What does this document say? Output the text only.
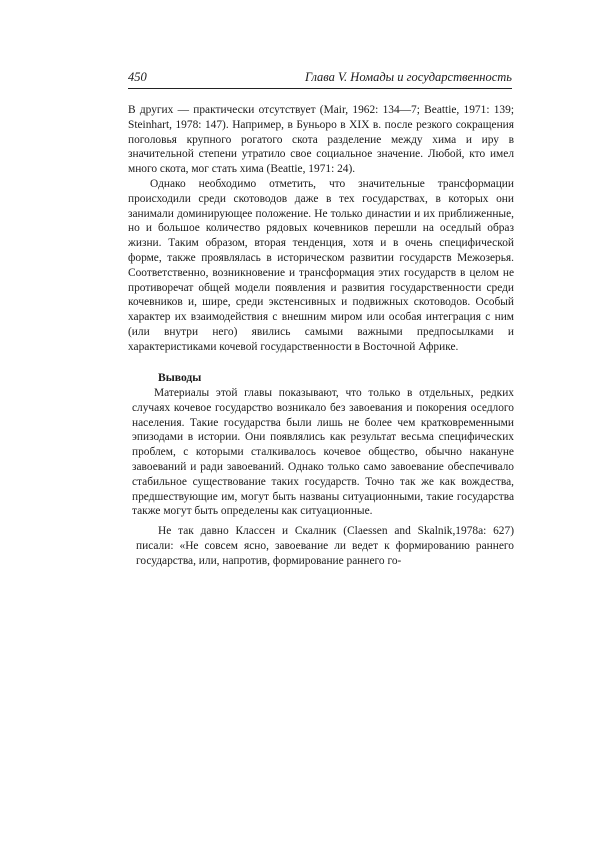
450	Глава V. Номады и государственность

В других — практически отсутствует (Mair, 1962: 134—7; Beattie, 1971: 139; Steinhart, 1978: 147). Например, в Буньоро в XIX в. после резкого сокращения поголовья крупного рогатого скота разделение между хима и иру в значительной степени утратило свое социальное значение. Любой, кто имел много скота, мог стать хима (Beattie, 1971: 24).

Однако необходимо отметить, что значительные трансформации происходили среди скотоводов даже в тех государствах, в которых они занимали доминирующее положение. Не только династии и их приближенные, но и большое количество рядовых кочевников перешли на оседлый образ жизни. Таким образом, вторая тенденция, хотя и в очень специфической форме, также проявлялась в историческом развитии государств Межозерья. Соответственно, возникновение и трансформация этих государств в целом не противоречат общей модели появления и развития государственности среди кочевников и, шире, среди экстенсивных и подвижных скотоводов. Особый характер их взаимодействия с внешним миром или особая интеграция с ним (или внутри него) явились самыми важными предпосылками и характеристиками кочевой государственности в Восточной Африке.

Выводы

Материалы этой главы показывают, что только в отдельных, редких случаях кочевое государство возникало без завоевания и покорения оседлого населения. Такие государства были лишь не более чем кратковременными эпизодами в истории. Они появлялись как результат весьма специфических проблем, с которыми сталкивалось кочевое общество, обычно накануне завоеваний и ради завоеваний. Однако только само завоевание обеспечивало стабильное существование таких государств. Точно так же как вождества, предшествующие им, могут быть названы ситуационными, такие государства также могут быть определены как ситуационные.

Не так давно Классен и Скалник (Claessen and Skalnik,1978a: 627) писали: «Не совсем ясно, завоевание ли ведет к формированию раннего государства, или, напротив, формирование раннего го-
